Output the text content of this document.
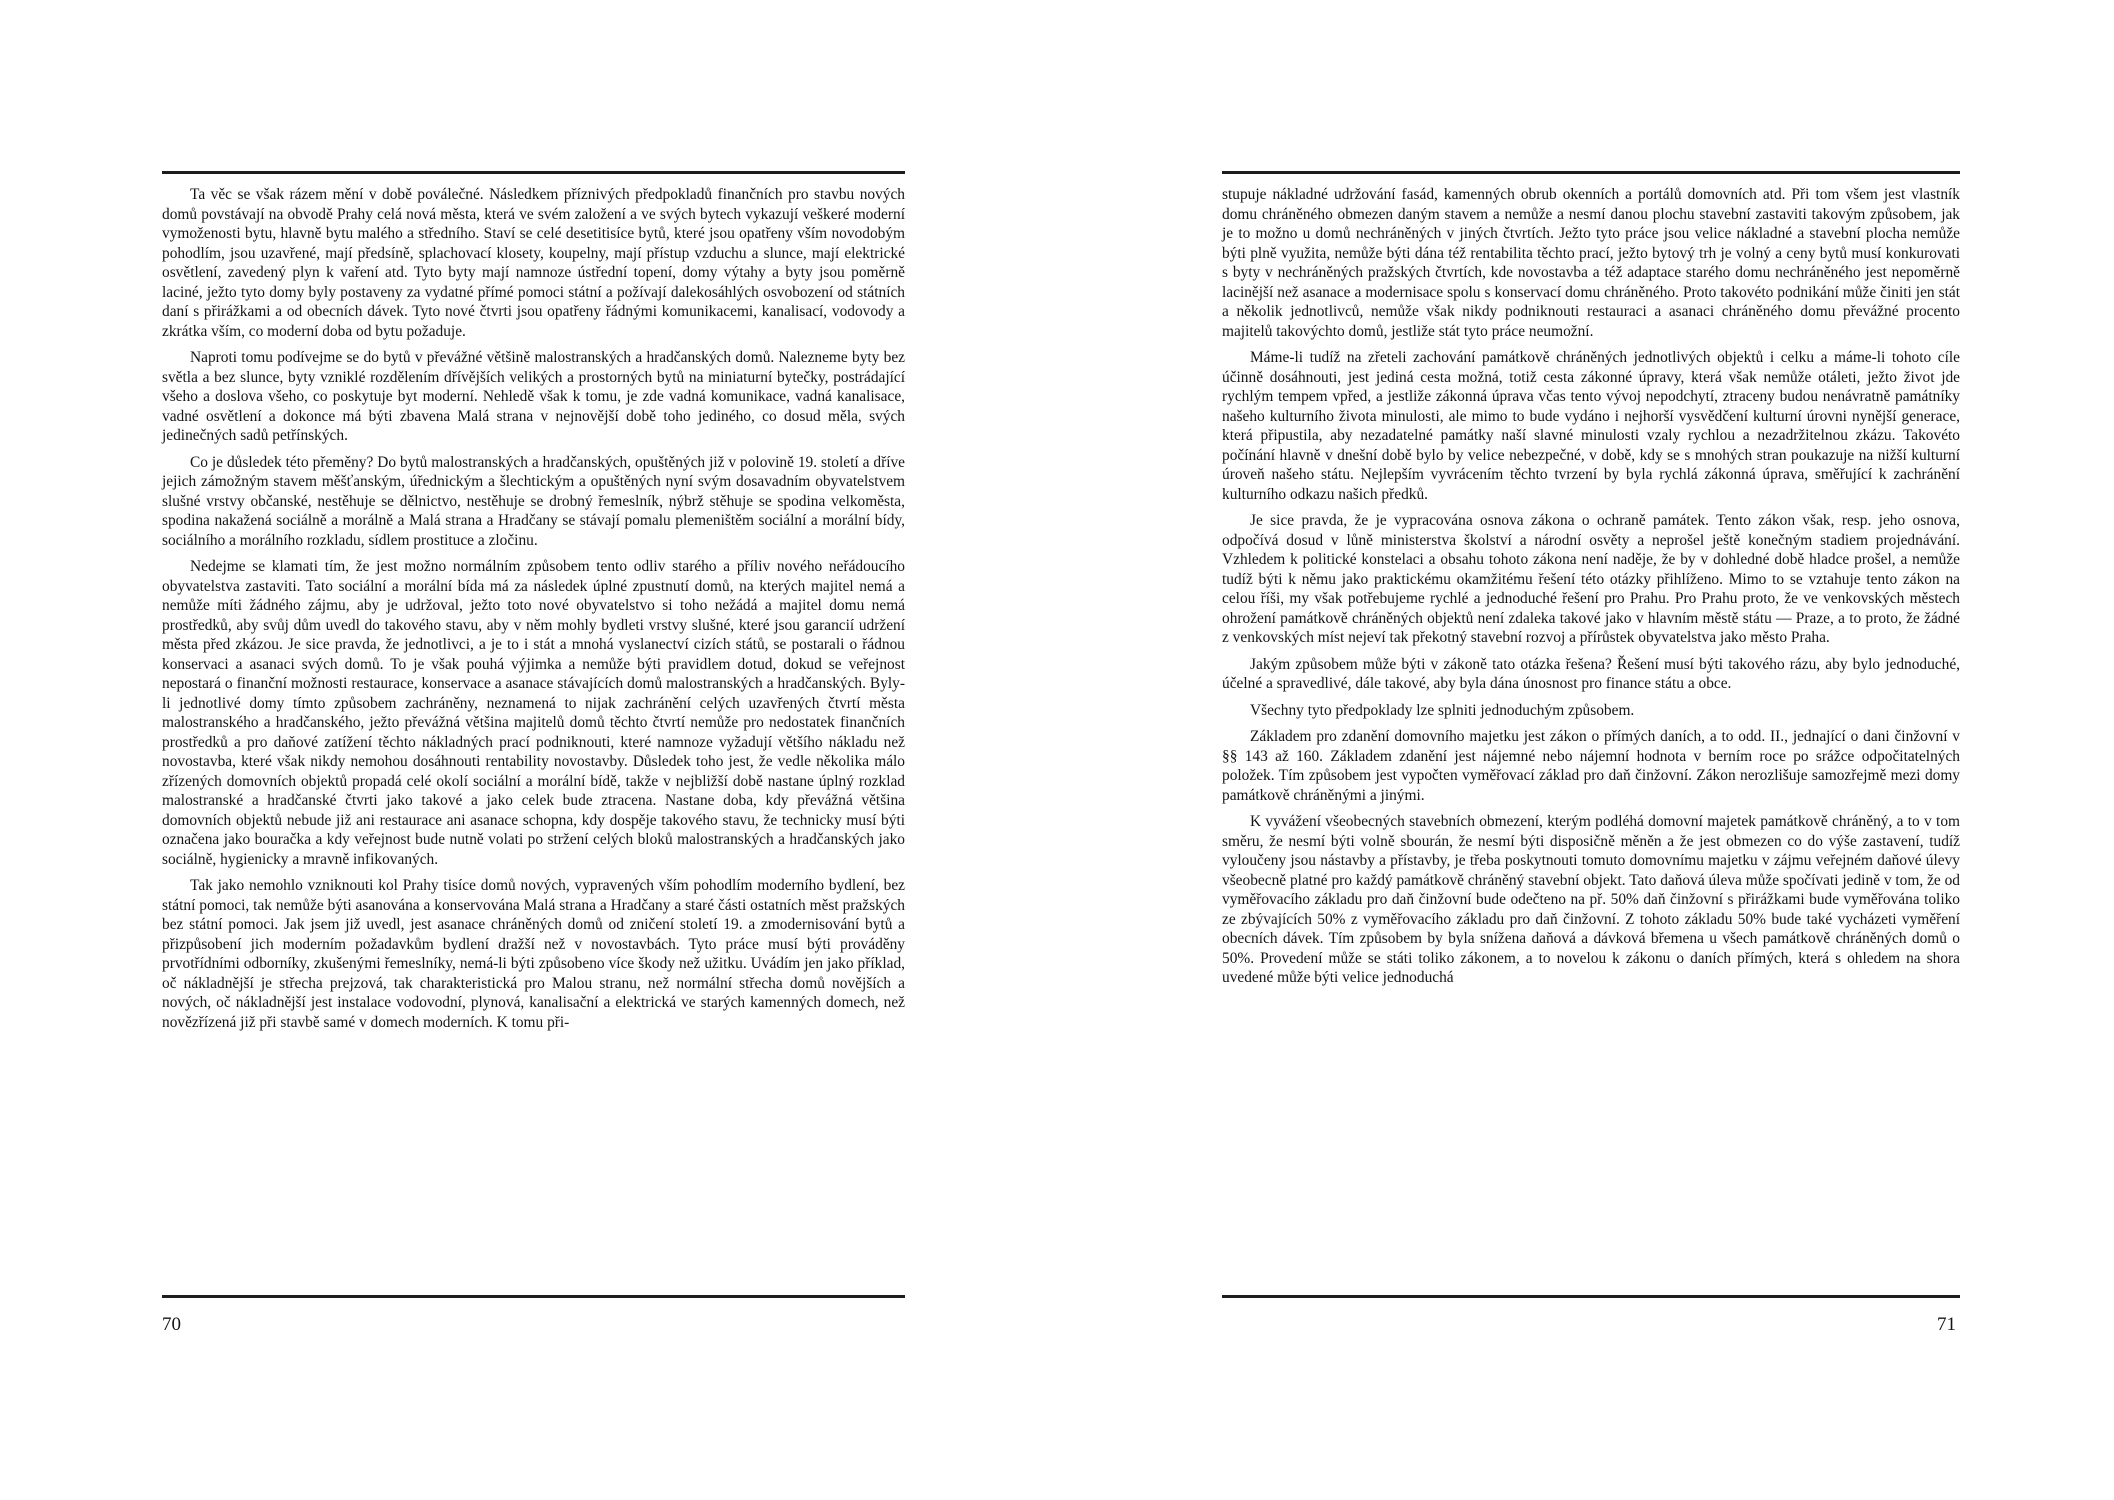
Ta věc se však rázem mění v době poválečné. Následkem příznivých předpokladů finančních pro stavbu nových domů povstávají na obvodě Prahy celá nová města, která ve svém založení a ve svých bytech vykazují veškeré moderní vymoženosti bytu, hlavně bytu malého a středního. Staví se celé desetitisíce bytů, které jsou opatřeny vším novodobým pohodlím, jsou uzavřené, mají předsíně, splachovací klosety, koupelny, mají přístup vzduchu a slunce, mají elektrické osvětlení, zavedený plyn k vaření atd. Tyto byty mají namnoze ústřední topení, domy výtahy a byty jsou poměrně laciné, ježto tyto domy byly postaveny za vydatné přímé pomoci státní a požívají dalekosáhlých osvobození od státních daní s přirážkami a od obecních dávek. Tyto nové čtvrti jsou opatřeny řádnými komunikacemi, kanalisací, vodovody a zkrátka vším, co moderní doba od bytu požaduje.

Naproti tomu podívejme se do bytů v převážné většině malostranských a hradčanských domů. Nalezneme byty bez světla a bez slunce, byty vzniklé rozdělením dřívějších velikých a prostorných bytů na miniaturní bytečky, postrádající všeho a doslova všeho, co poskytuje byt moderní. Nehledě však k tomu, je zde vadná komunikace, vadná kanalisace, vadné osvětlení a dokonce má býti zbavena Malá strana v nejnovější době toho jediného, co dosud měla, svých jedinečných sadů petřínských.

Co je důsledek této přeměny? Do bytů malostranských a hradčanských, opuštěných již v polovině 19. století a dříve jejich zámožným stavem měšťanským, úřednickým a šlechtickým a opuštěných nyní svým dosavadním obyvatelstvem slušné vrstvy občanské, nestěhuje se dělnictvo, nestěhuje se drobný řemeslník, nýbrž stěhuje se spodina velkoměsta, spodina nakažená sociálně a morálně a Malá strana a Hradčany se stávají pomalu plemeništěm sociální a morální bídy, sociálního a morálního rozkladu, sídlem prostituce a zločinu.

Nedejme se klamati tím, že jest možno normálním způsobem tento odliv starého a příliv nového neřádoucího obyvatelstva zastaviti. Tato sociální a morální bída má za následek úplné zpustnutí domů, na kterých majitel nemá a nemůže míti žádného zájmu, aby je udržoval, ježto toto nové obyvatelstvo si toho nežádá a majitel domu nemá prostředků, aby svůj dům uvedl do takového stavu, aby v něm mohly bydleti vrstvy slušné, které jsou garancií udržení města před zkázou. Je sice pravda, že jednotlivci, a je to i stát a mnohá vyslanectví cizích států, se postarali o řádnou konservaci a asanaci svých domů. To je však pouhá výjimka a nemůže býti pravidlem dotud, dokud se veřejnost nepostará o finanční možnosti restaurace, konservace a asanace stávajících domů malostranských a hradčanských. Byly-li jednotlivé domy tímto způsobem zachráněny, neznamená to nijak zachránění celých uzavřených čtvrtí města malostranského a hradčanského, ježto převážná většina majitelů domů těchto čtvrtí nemůže pro nedostatek finančních prostředků a pro daňové zatížení těchto nákladných prací podniknouti, které namnoze vyžadují většího nákladu než novostavba, které však nikdy nemohou dosáhnouti rentability novostavby. Důsledek toho jest, že vedle několika málo zřízených domovních objektů propadá celé okolí sociální a morální bídě, takže v nejbližší době nastane úplný rozklad malostranské a hradčanské čtvrti jako takové a jako celek bude ztracena. Nastane doba, kdy převážná většina domovních objektů nebude již ani restaurace ani asanace schopna, kdy dospěje takového stavu, že technicky musí býti označena jako bouračka a kdy veřejnost bude nutně volati po stržení celých bloků malostranských a hradčanských jako sociálně, hygienicky a mravně infikovaných.

Tak jako nemohlo vzniknouti kol Prahy tisíce domů nových, vypravených vším pohodlím moderního bydlení, bez státní pomoci, tak nemůže býti asanována a konservována Malá strana a Hradčany a staré části ostatních měst pražských bez státní pomoci. Jak jsem již uvedl, jest asanace chráněných domů od zničení století 19. a zmodernisování bytů a přizpůsobení jich moderním požadavkům bydlení dražší než v novostavbách. Tyto práce musí býti prováděny prvotřídními odborníky, zkušenými řemeslníky, nemá-li býti způsobeno více škody než užitku. Uvádím jen jako příklad, oč nákladnější je střecha prejzová, tak charakteristická pro Malou stranu, než normální střecha domů novějších a nových, oč nákladnější jest instalace vodovodní, plynová, kanalisační a elektrická ve starých kamenných domech, než novězřízená již při stavbě samé v domech moderních. K tomu při-

70

stupuje nákladné udržování fasád, kamenných obrub okenních a portálů domovních atd. Při tom všem jest vlastník domu chráněného obmezen daným stavem a nemůže a nesmí danou plochu stavební zastaviti takovým způsobem, jak je to možno u domů nechráněných v jiných čtvrtích. Ježto tyto práce jsou velice nákladné a stavební plocha nemůže býti plně využita, nemůže býti dána též rentabilita těchto prací, ježto bytový trh je volný a ceny bytů musí konkurovati s byty v nechráněných pražských čtvrtích, kde novostavba a též adaptace starého domu nechráněného jest nepoměrně lacinější než asanace a modernisace spolu s konservací domu chráněného. Proto takovéto podnikání může činiti jen stát a několik jednotlivců, nemůže však nikdy podniknouti restauraci a asanaci chráněného domu převážné procento majitelů takovýchto domů, jestliže stát tyto práce neumožní.

Máme-li tudíž na zřeteli zachování památkově chráněných jednotlivých objektů i celku a máme-li tohoto cíle účinně dosáhnouti, jest jediná cesta možná, totiž cesta zákonné úpravy, která však nemůže otáleti, ježto život jde rychlým tempem vpřed, a jestliže zákonná úprava včas tento vývoj nepodchytí, ztraceny budou nenávratně památníky našeho kulturního života minulosti, ale mimo to bude vydáno i nejhorší vysvědčení kulturní úrovni nynější generace, která připustila, aby nezadatelné památky naší slavné minulosti vzaly rychlou a nezadržitelnou zkázu. Takovéto počínání hlavně v dnešní době bylo by velice nebezpečné, v době, kdy se s mnohých stran poukazuje na nižší kulturní úroveň našeho státu. Nejlepším vyvrácením těchto tvrzení by byla rychlá zákonná úprava, směřující k zachránění kulturního odkazu našich předků.

Je sice pravda, že je vypracována osnova zákona o ochraně památek. Tento zákon však, resp. jeho osnova, odpočívá dosud v lůně ministerstva školství a národní osvěty a neprošel ještě konečným stadiem projednávání. Vzhledem k politické konstelaci a obsahu tohoto zákona není naděje, že by v dohledné době hladce prošel, a nemůže tudíž býti k němu jako praktickému okamžitému řešení této otázky přihlíženo. Mimo to se vztahuje tento zákon na celou říši, my však potřebujeme rychlé a jednoduché řešení pro Prahu. Pro Prahu proto, že ve venkovských městech ohrožení památkově chráněných objektů není zdaleka takové jako v hlavním městě státu — Praze, a to proto, že žádné z venkovských míst nejeví tak překotný stavební rozvoj a přírůstek obyvatelstva jako město Praha.

Jakým způsobem může býti v zákoně tato otázka řešena? Řešení musí býti takového rázu, aby bylo jednoduché, účelné a spravedlivé, dále takové, aby byla dána únosnost pro finance státu a obce.

Všechny tyto předpoklady lze splniti jednoduchým způsobem.

Základem pro zdanění domovního majetku jest zákon o přímých daních, a to odd. II., jednající o dani činžovní v §§ 143 až 160. Základem zdanění jest nájemné nebo nájemní hodnota v berním roce po srážce odpočitatelných položek. Tím způsobem jest vypočten vyměřovací základ pro daň činžovní. Zákon nerozlišuje samozřejmě mezi domy památkově chráněnými a jinými.

K vyvážení všeobecných stavebních obmezení, kterým podléhá domovní majetek památkově chráněný, a to v tom směru, že nesmí býti volně sbourán, že nesmí býti disposičně měněn a že jest obmezen co do výše zastavení, tudíž vyloučeny jsou nástavby a přístavby, je třeba poskytnouti tomuto domovnímu majetku v zájmu veřejném daňové úlevy všeobecně platné pro každý památkově chráněný stavební objekt. Tato daňová úleva může spočívati jedině v tom, že od vyměřovacího základu pro daň činžovní bude odečteno na př. 50% daň činžovní s přirážkami bude vyměřována toliko ze zbývajících 50% z vyměřovacího základu pro daň činžovní. Z tohoto základu 50% bude také vycházeti vyměření obecních dávek. Tím způsobem by byla snížena daňová a dávková břemena u všech památkově chráněných domů o 50%. Provedení může se státi toliko zákonem, a to novelou k zákonu o daních přímých, která s ohledem na shora uvedené může býti velice jednoduchá

71
